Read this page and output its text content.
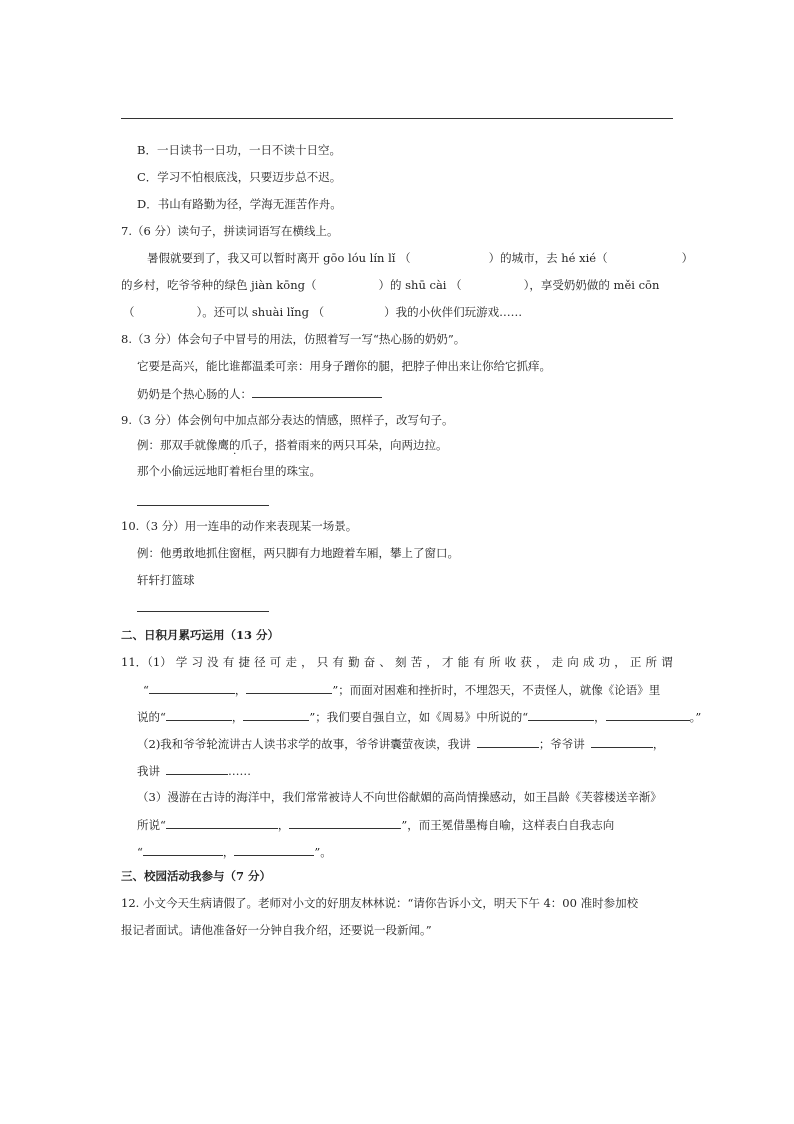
B．一日读书一日功，一日不读十日空。
C．学习不怕根底浅，只要迈步总不迟。
D．书山有路勤为径，学海无涯苦作舟。
7.（6 分）读句子，拼读词语写在横线上。
暑假就要到了，我又可以暂时离开 gōo lóu lín lǐ （	）的城市，去 hé xié（	）
的乡村，吃爷爷种的绿色 jiàn kōng（	）的 shū cài （	），享受奶奶做的 měi cōn
（	）。还可以 shuài lǐng （	）我的小伙伴们玩游戏……
8.（3 分）体会句子中冒号的用法，仿照着写一写“热心肠的奶奶”。
它要是高兴，能比谁都温柔可亲：用身子蹭你的腿，把脖子伸出来让你给它抓痒。
奶奶是个热心肠的人：
9.（3 分）体会例句中加点部分表达的情感，照样子，改写句子。
例：那双手就像鹰的爪子 ·，搭着雨来的两只耳朵，向两边拉。
那个小偷远远地盯着柜台里的珠宝。
10.（3 分）用一连串的动作来表现某一场景。
例：他勇敢地抓住窗框，两只脚有力地蹬着车厢，攀上了窗口。
轩轩打篮球
二、日积月累巧运用（13 分）
11．（1） 学 习 没 有 捷 径 可 走 ， 只 有 勤 奋 、 刻 苦 ， 才 能 有 所 收 获 ， 走 向 成 功 ， 正 所 谓
“	，	”；而面对困难和挫折时，不埋怨天，不责怪人，就像《论语》里
说的“	，	”；我们要自强自立，如《周易》中所说的“	，	。”
（2)我和爷爷轮流讲古人读书求学的故事，爷爷讲囊萤夜读，我讲	；爷爷讲	，
我讲	……
（3）漫游在古诗的海洋中，我们常常被诗人不向世俗献媚的高尚情操感动，如王昌龄《芙蓉楼送辛渐》
所说“	，	”，而王冕借墨梅自喻，这样表白自我志向
“	，	”。
三、校园活动我参与（7 分）
12. 小文今天生病请假了。老师对小文的好朋友林林说：“请你告诉小文，明天下午 4：00 准时参加校
报记者面试。请他准备好一分钟自我介绍，还要说一段新闻。”
